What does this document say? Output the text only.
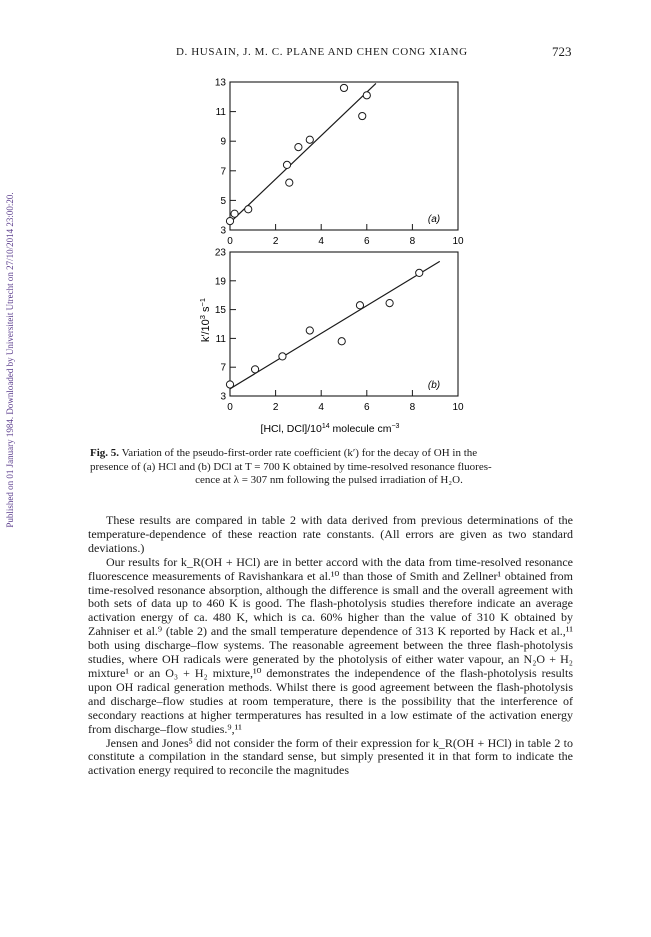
Published on 01 January 1984. Downloaded by Universiteit Utrecht on 27/10/2014 23:00:20.
D. HUSAIN, J. M. C. PLANE AND CHEN CONG XIANG	723
3
5
7
9
11
13
0	2	4	6	8	10
(a)
3
7
11
15
19
23
0	2	4	6	8	10
(b)
$k'/10^3$ $s^{-1}$
[HCl, $DCl]/10^{14}$ molecule $cm^{-3}$
Fig. 5. Variation of the pseudo-first-order rate coefficient (k′) for the decay of OH in the
presence of (a) HCl and (b) DCl at T = 700 K obtained by time-resolved resonance fluores-
cence at λ = 307 nm following the pulsed irradiation of H₂O.

These results are compared in table 2 with data derived from previous determinations of the temperature-dependence of these reaction rate constants. (All errors are given as two standard deviations.)

Our results for k_R(OH + HCl) are in better accord with the data from time-resolved resonance fluorescence measurements of Ravishankara et al.¹⁰ than those of Smith and Zellner¹ obtained from time-resolved resonance absorption, although the difference is small and the overall agreement with both sets of data up to 460 K is good. The flash-photolysis studies therefore indicate an average activation energy of ca. 480 K, which is ca. 60% higher than the value of 310 K obtained by Zahniser et al.⁹ (table 2) and the small temperature dependence of 313 K reported by Hack et al.,¹¹ both using discharge–flow systems. The reasonable agreement between the three flash-photolysis studies, where OH radicals were generated by the photolysis of either water vapour, an N₂O + H₂ mixture¹ or an O₃ + H₂ mixture,¹⁰ demonstrates the independence of the flash-photolysis results upon OH radical generation methods. Whilst there is good agreement between the flash-photolysis and discharge–flow studies at room temperature, there is the possibility that the interference of secondary reactions at higher termperatures has resulted in a low estimate of the activation energy from discharge–flow studies.⁹,¹¹

Jensen and Jones⁵ did not consider the form of their expression for k_R(OH + HCl) in table 2 to constitute a compilation in the standard sense, but simply presented it in that form to indicate the activation energy required to reconcile the magnitudes
